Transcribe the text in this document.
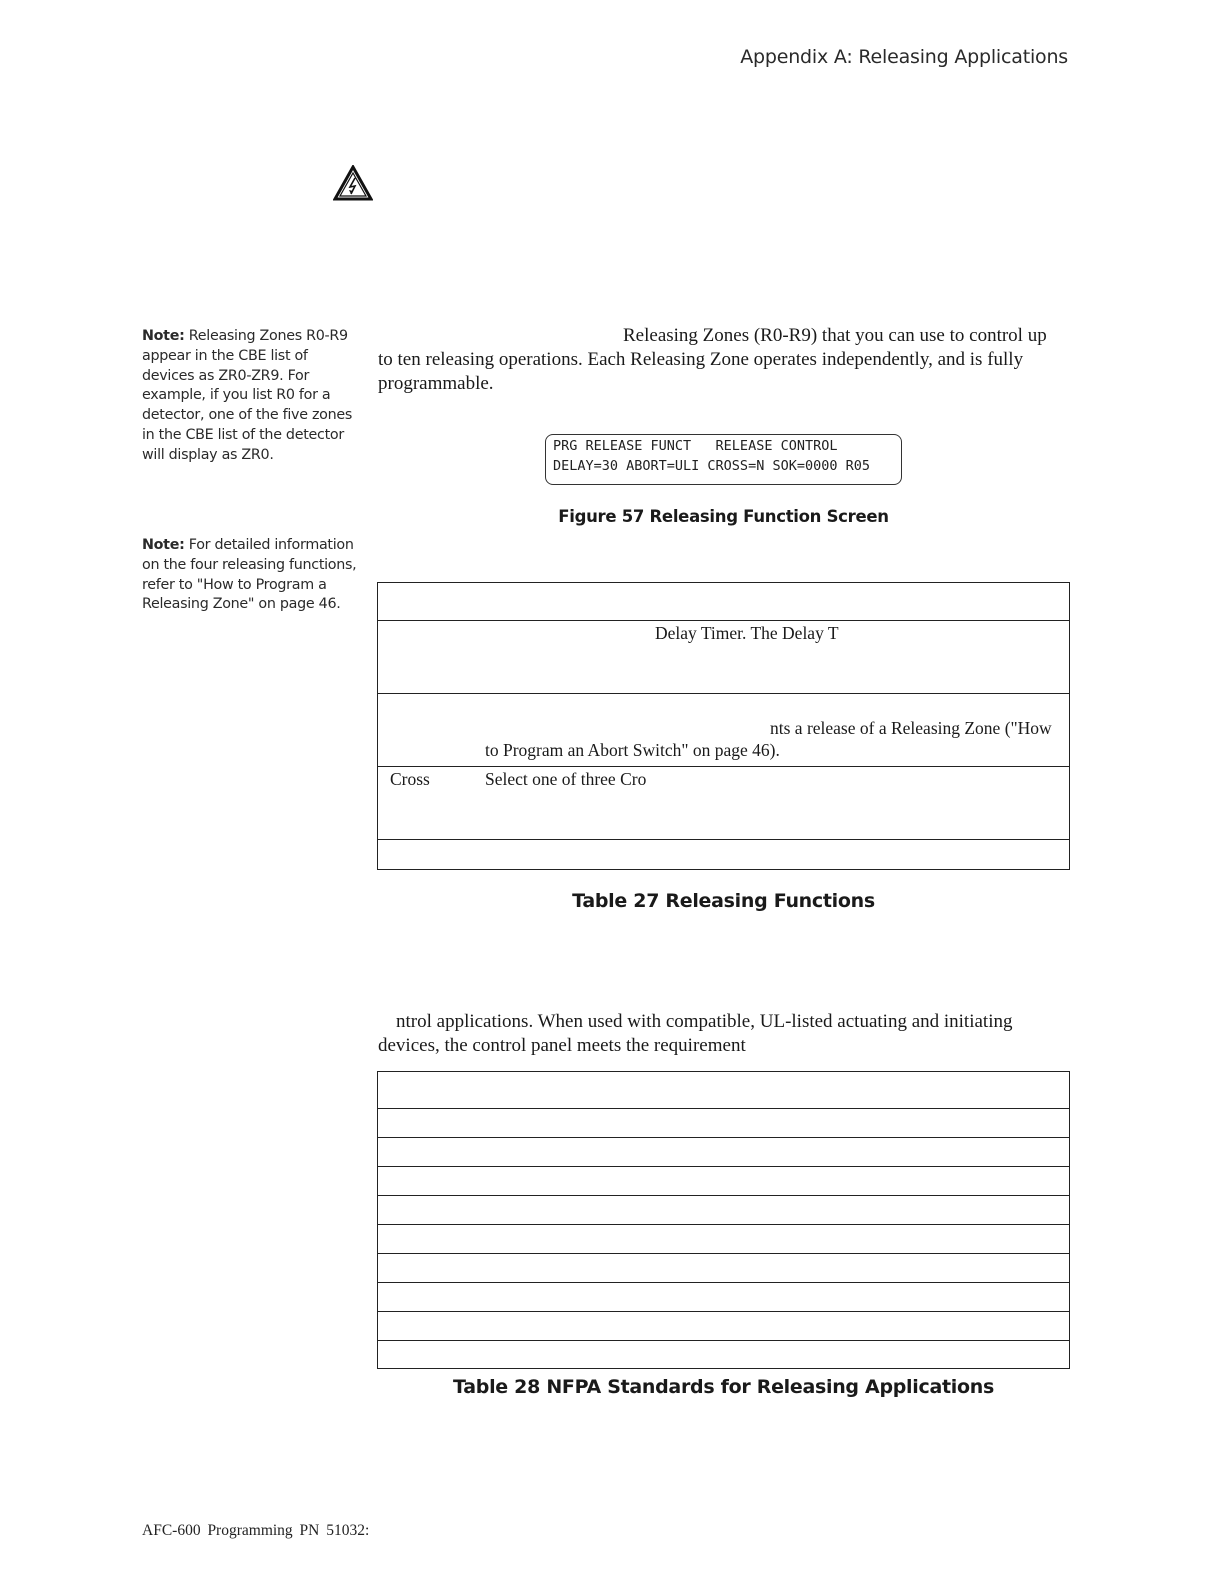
Appendix A: Releasing Applications
Note: Releasing Zones R0-R9 appear in the CBE list of devices as ZR0-ZR9. For example, if you list R0 for a detector, one of the five zones in the CBE list of the detector will display as ZR0.
Note: For detailed information on the four releasing functions, refer to "How to Program a Releasing Zone" on page 46.
Releasing Zones (R0-R9) that you can use to control up
to ten releasing operations. Each Releasing Zone operates independently, and is fully
programmable.
PRG RELEASE FUNCT   RELEASE CONTROL
DELAY=30 ABORT=ULI CROSS=N SOK=0000 R05
Figure 57 Releasing Function Screen

Delay Timer. The Delay T

nts a release of a Releasing Zone ("How
to Program an Abort Switch" on page 46).

Cross	Select one of three Cro

Table 27 Releasing Functions
ntrol applications. When used with compatible, UL-listed actuating and initiating
devices, the control panel meets the requirement

Table 28 NFPA Standards for Releasing Applications
AFC-600 Programming PN 51032:
